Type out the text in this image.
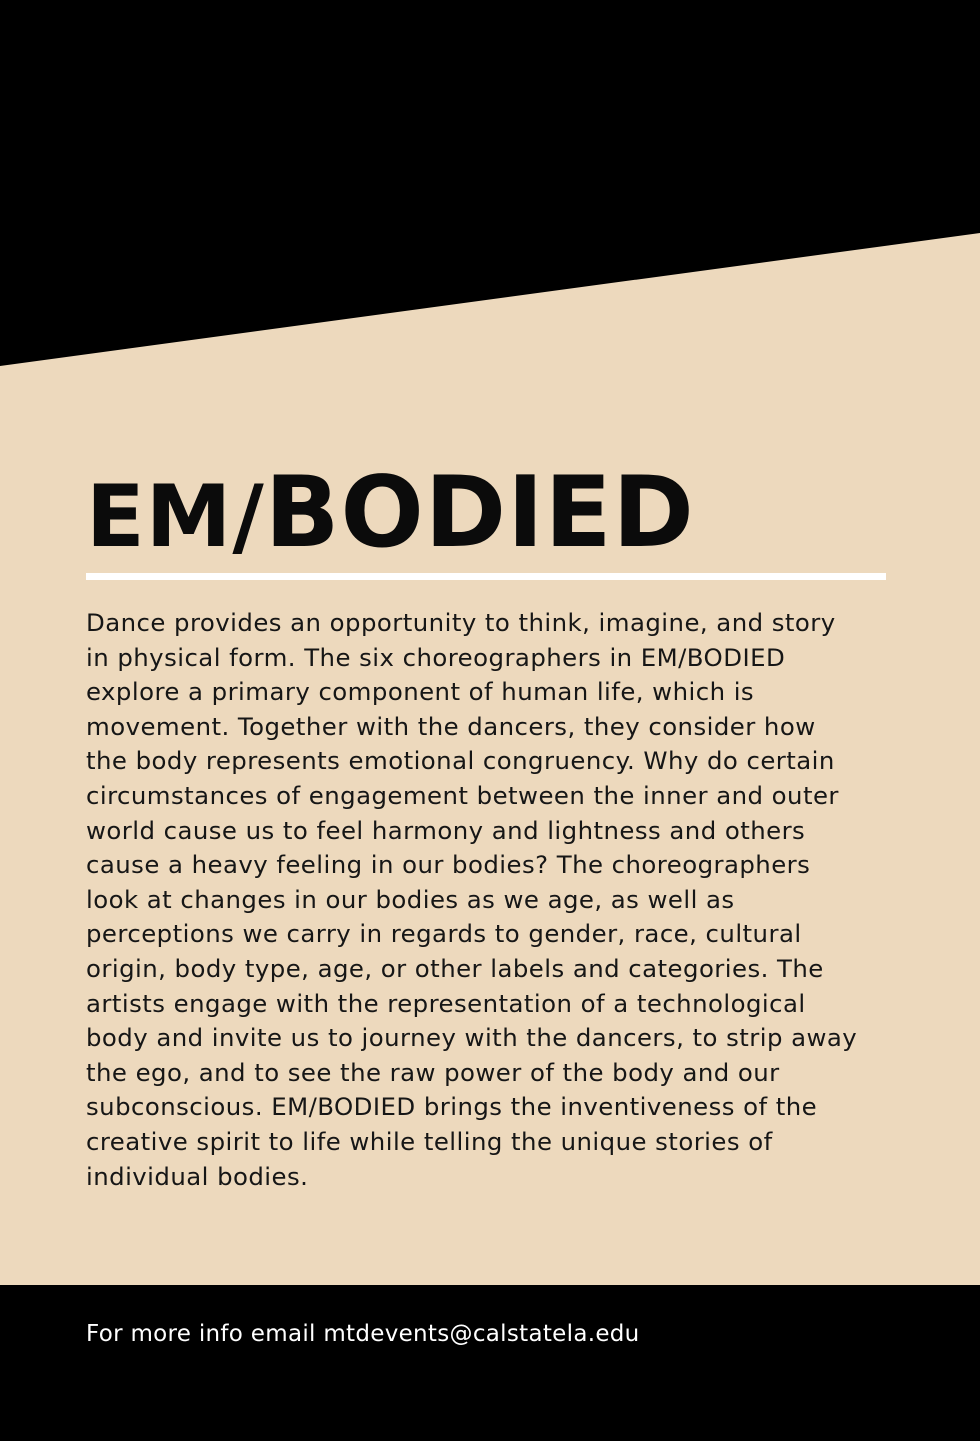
EM/BODIED
Dance provides an opportunity to think, imagine, and story
in physical form. The six choreographers in EM/BODIED
explore a primary component of human life, which is
movement. Together with the dancers, they consider how
the body represents emotional congruency. Why do certain
circumstances of engagement between the inner and outer
world cause us to feel harmony and lightness and others
cause a heavy feeling in our bodies? The choreographers
look at changes in our bodies as we age, as well as
perceptions we carry in regards to gender, race, cultural
origin, body type, age, or other labels and categories. The
artists engage with the representation of a technological
body and invite us to journey with the dancers, to strip away
the ego, and to see the raw power of the body and our
subconscious. EM/BODIED brings the inventiveness of the
creative spirit to life while telling the unique stories of
individual bodies.

For more info email mtdevents@calstatela.edu
